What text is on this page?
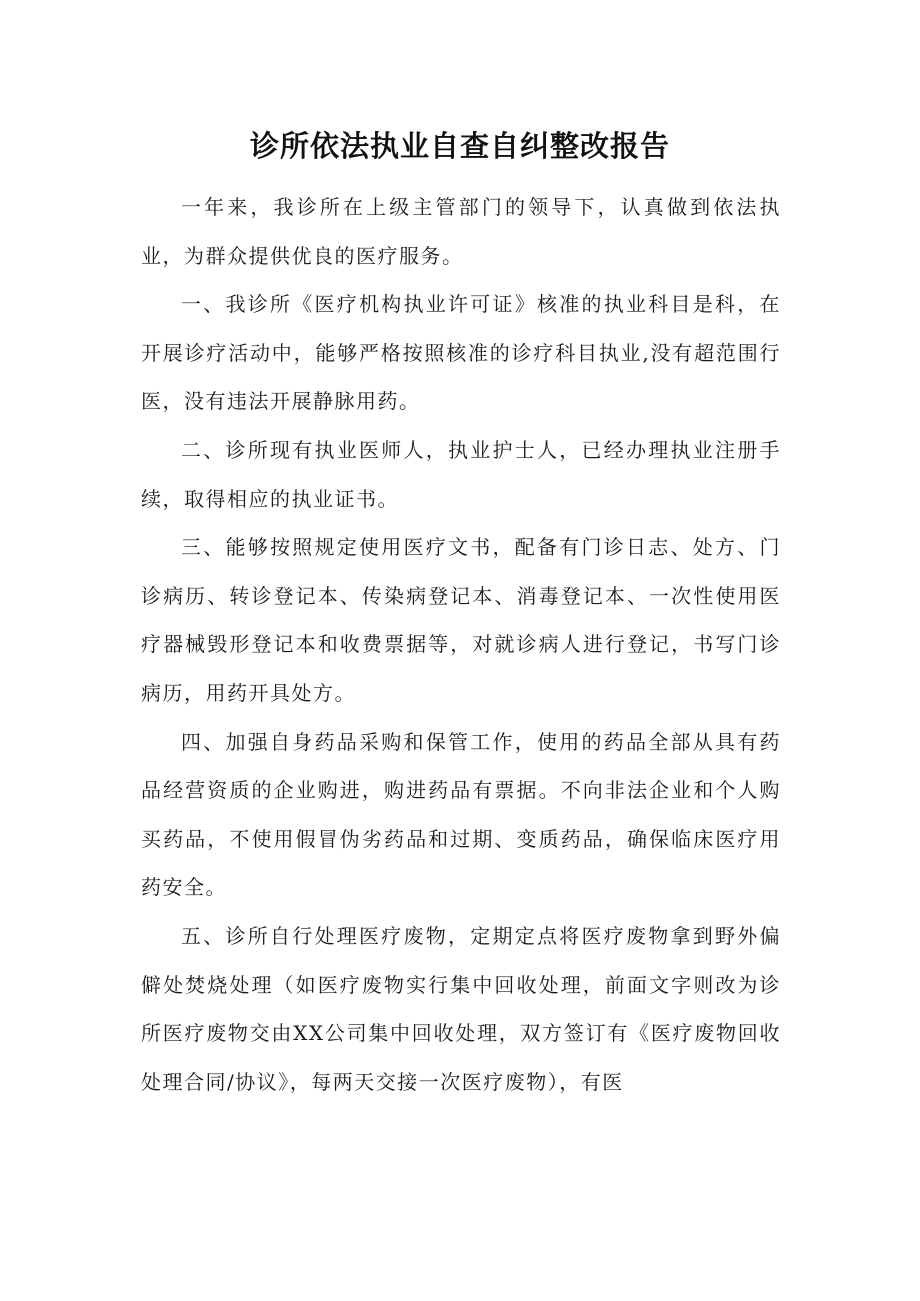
诊所依法执业自查自纠整改报告

一年来，我诊所在上级主管部门的领导下，认真做到依法执业，为群众提供优良的医疗服务。

一、我诊所《医疗机构执业许可证》核准的执业科目是科，在开展诊疗活动中，能够严格按照核准的诊疗科目执业,没有超范围行医，没有违法开展静脉用药。

二、诊所现有执业医师人，执业护士人，已经办理执业注册手续，取得相应的执业证书。

三、能够按照规定使用医疗文书，配备有门诊日志、处方、门诊病历、转诊登记本、传染病登记本、消毒登记本、一次性使用医疗器械毁形登记本和收费票据等，对就诊病人进行登记，书写门诊病历，用药开具处方。

四、加强自身药品采购和保管工作，使用的药品全部从具有药品经营资质的企业购进，购进药品有票据。不向非法企业和个人购买药品，不使用假冒伪劣药品和过期、变质药品，确保临床医疗用药安全。

五、诊所自行处理医疗废物，定期定点将医疗废物拿到野外偏僻处焚烧处理（如医疗废物实行集中回收处理，前面文字则改为诊所医疗废物交由XX公司集中回收处理，双方签订有《医疗废物回收处理合同/协议》，每两天交接一次医疗废物），有医
